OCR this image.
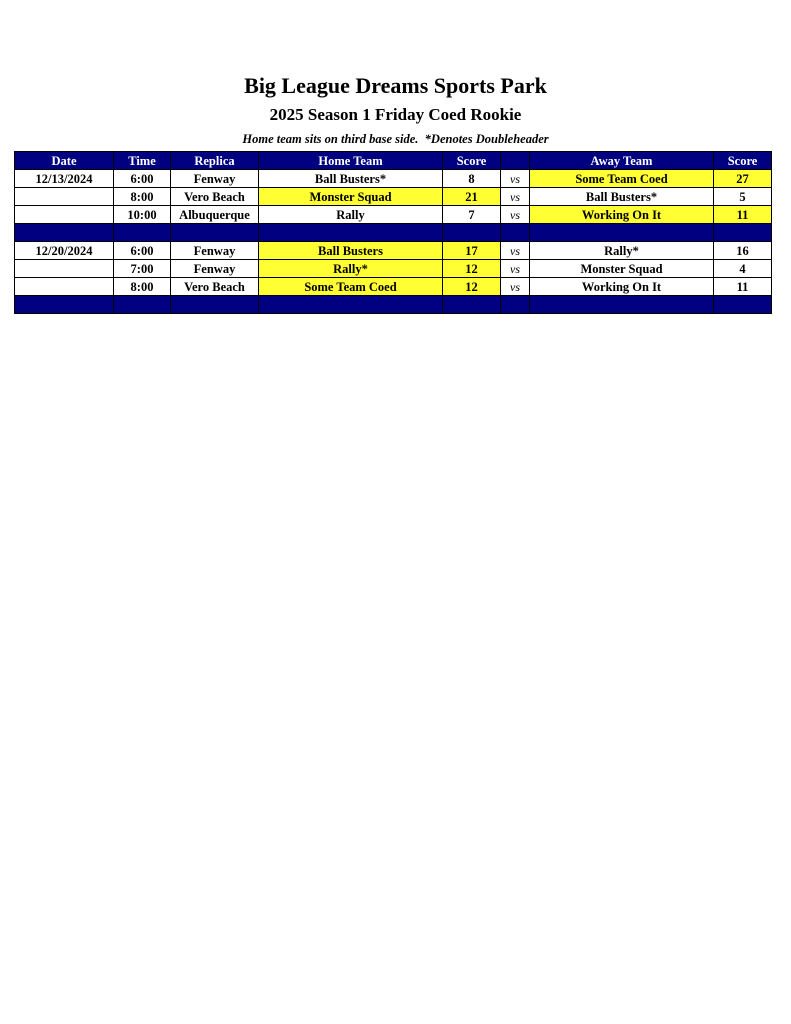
Big League Dreams Sports Park
2025 Season 1 Friday Coed Rookie
Home team sits on third base side.  *Denotes Doubleheader
Date	Time	Replica	Home Team	Score		Away Team	Score
12/13/2024	6:00	Fenway	Ball Busters*	8	vs	Some Team Coed	27
	8:00	Vero Beach	Monster Squad	21	vs	Ball Busters*	5
	10:00	Albuquerque	Rally	7	vs	Working On It	11

12/20/2024	6:00	Fenway	Ball Busters	17	vs	Rally*	16
	7:00	Fenway	Rally*	12	vs	Monster Squad	4
	8:00	Vero Beach	Some Team Coed	12	vs	Working On It	11
